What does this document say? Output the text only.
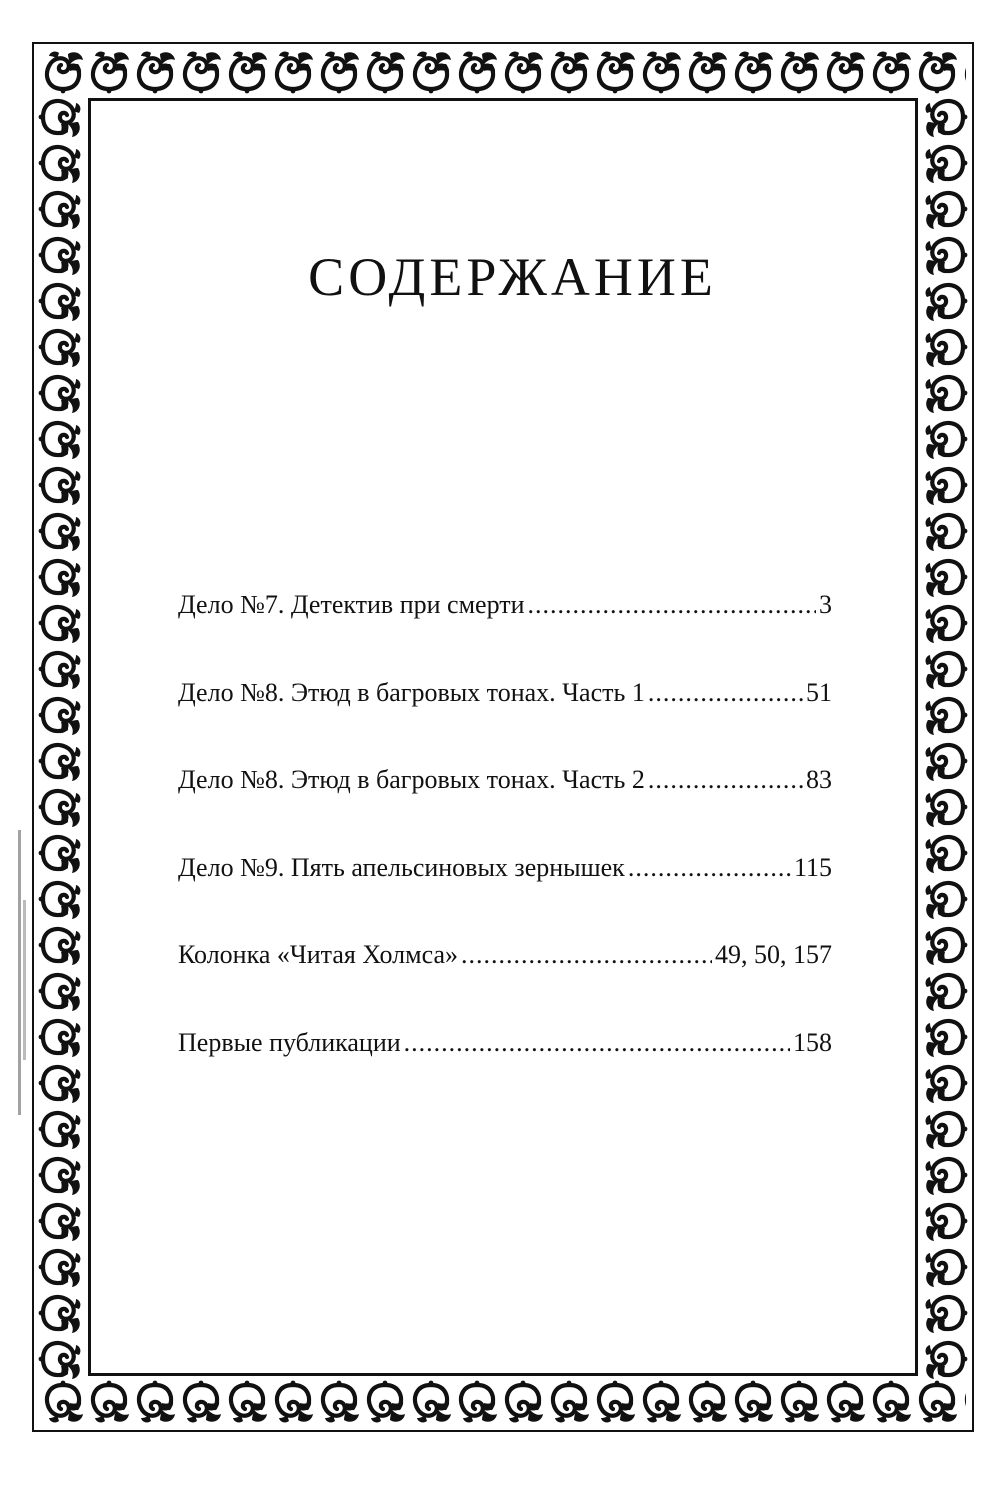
СОДЕРЖАНИЕ
Дело №7. Детектив при смерти .....	3
Дело №8. Этюд в багровых тонах. Часть 1 .....	51
Дело №8. Этюд в багровых тонах. Часть 2 .....	83
Дело №9. Пять апельсиновых зернышек .....	115
Колонка «Читая Холмса» .....	49, 50, 157
Первые публикации .....	158
